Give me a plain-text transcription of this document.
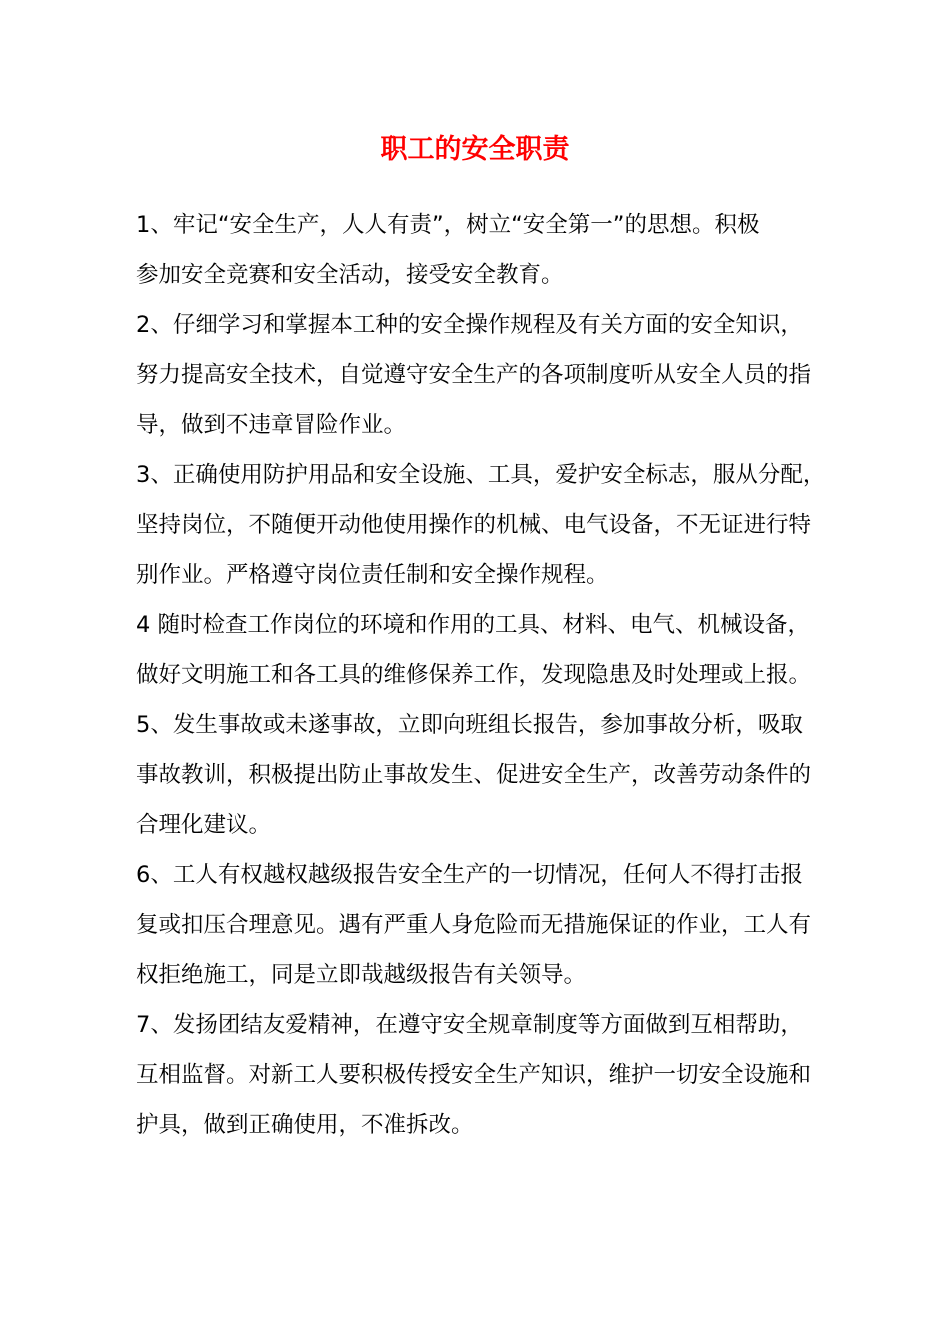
职工的安全职责

1、牢记“安全生产，人人有责”，树立“安全第一”的思想。积极
参加安全竞赛和安全活动，接受安全教育。

2、仔细学习和掌握本工种的安全操作规程及有关方面的安全知识，
努力提高安全技术，自觉遵守安全生产的各项制度听从安全人员的指
导，做到不违章冒险作业。

3、正确使用防护用品和安全设施、工具，爱护安全标志，服从分配，
坚持岗位，不随便开动他使用操作的机械、电气设备，不无证进行特
别作业。严格遵守岗位责任制和安全操作规程。

4 随时检查工作岗位的环境和作用的工具、材料、电气、机械设备，
做好文明施工和各工具的维修保养工作，发现隐患及时处理或上报。

5、发生事故或未遂事故，立即向班组长报告，参加事故分析，吸取
事故教训，积极提出防止事故发生、促进安全生产，改善劳动条件的
合理化建议。

6、工人有权越权越级报告安全生产的一切情况，任何人不得打击报
复或扣压合理意见。遇有严重人身危险而无措施保证的作业，工人有
权拒绝施工，同是立即哉越级报告有关领导。

7、发扬团结友爱精神，在遵守安全规章制度等方面做到互相帮助，
互相监督。对新工人要积极传授安全生产知识，维护一切安全设施和
护具，做到正确使用，不准拆改。
